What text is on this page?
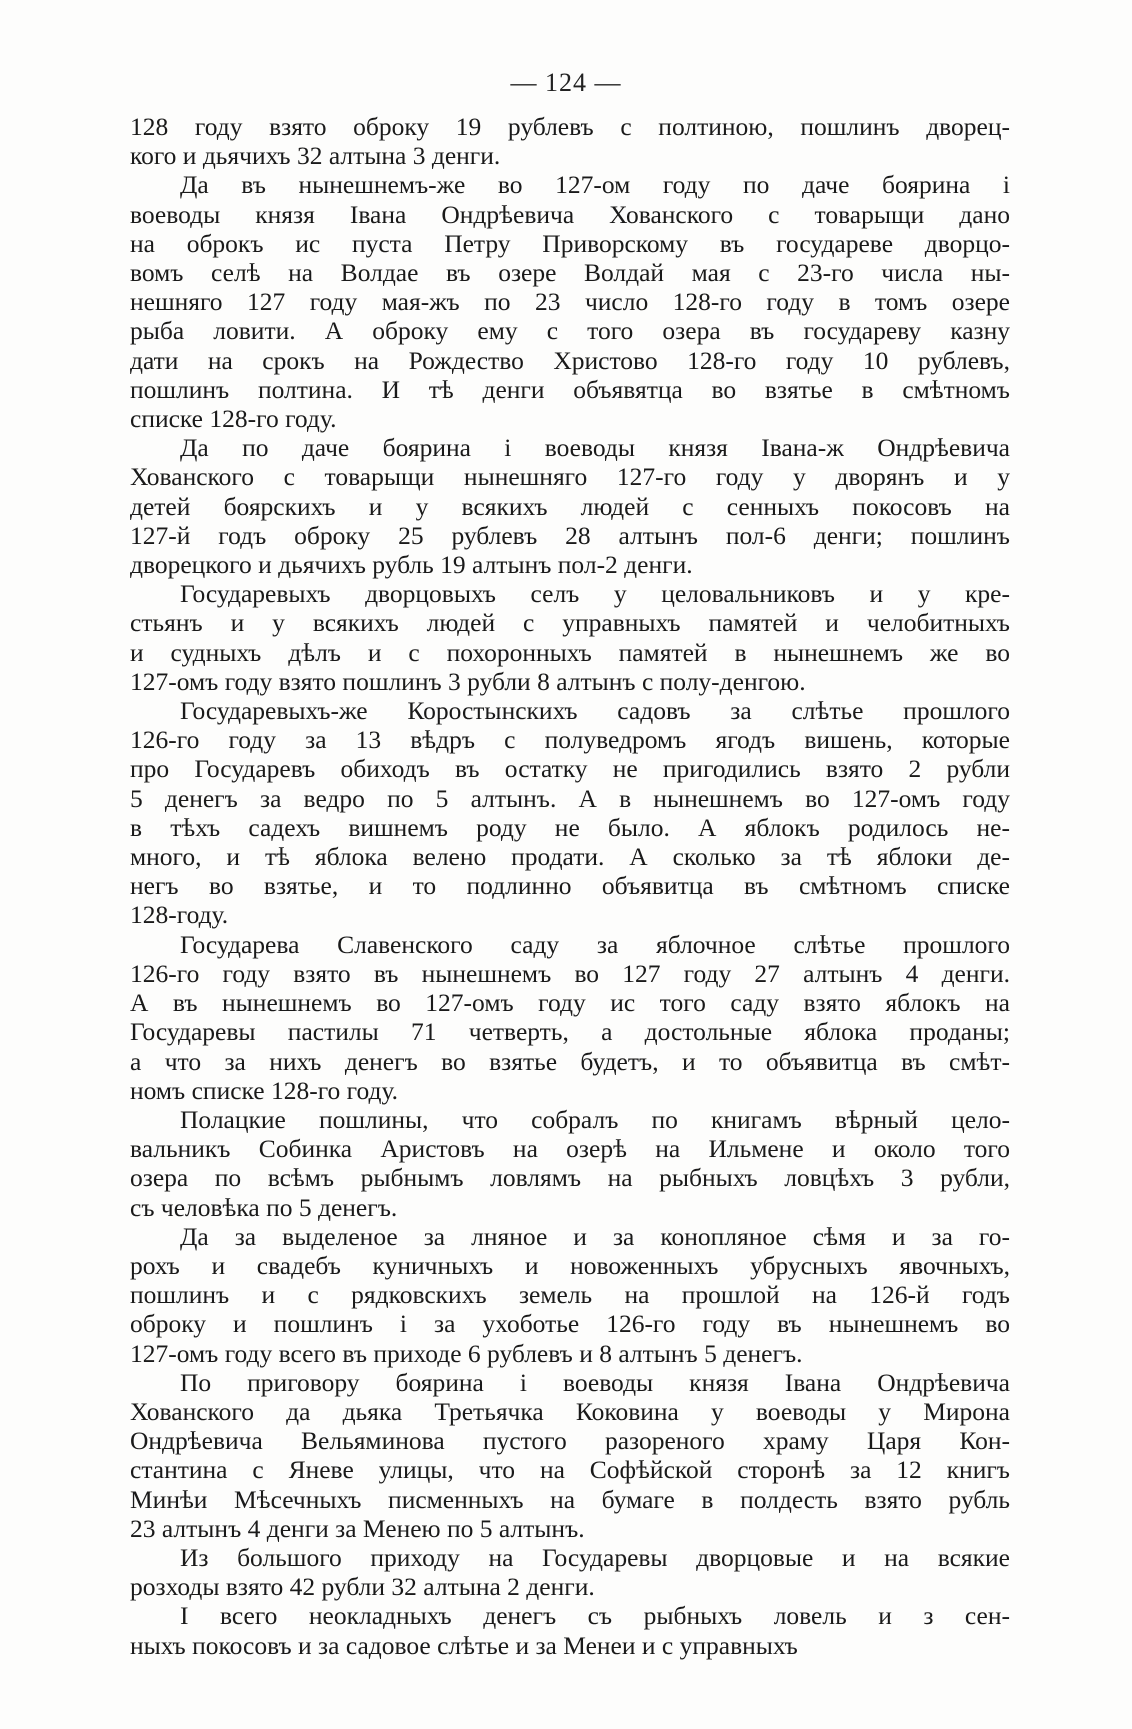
— 124 —
128 году взято оброку 19 рублевъ с полтиною, пошлинъ дворец-
кого и дьячихъ 32 алтына 3 денги.
Да въ нынешнемъ-же во 127-ом году по даче боярина і
воеводы князя Івана Ондрѣевича Хованского с товарыщи дано
на оброкъ ис пуста Петру Приворскому въ государеве дворцо-
вомъ селѣ на Волдае въ озере Волдай мая с 23-го числа ны-
нешняго 127 году мая-жъ по 23 число 128-го году в томъ озере
рыба ловити. А оброку ему с того озера въ государеву казну
дати на срокъ на Рождество Христово 128-го году 10 рублевъ,
пошлинъ полтина. И тѣ денги объявятца во взятье в смѣтномъ
списке 128-го году.
Да по даче боярина і воеводы князя Івана-ж Ондрѣевича
Хованского с товарыщи нынешняго 127-го году у дворянъ и у
детей боярскихъ и у всякихъ людей с сенныхъ покосовъ на
127-й годъ оброку 25 рублевъ 28 алтынъ пол-6 денги; пошлинъ
дворецкого и дьячихъ рубль 19 алтынъ пол-2 денги.
Государевыхъ дворцовыхъ селъ у целовальниковъ и у кре-
стьянъ и у всякихъ людей с управныхъ памятей и челобитныхъ
и судныхъ дѣлъ и с похоронныхъ памятей в нынешнемъ же во
127-омъ году взято пошлинъ 3 рубли 8 алтынъ с полу-денгою.
Государевыхъ-же Коростынскихъ садовъ за слѣтье прошлого
126-го году за 13 вѣдръ с полуведромъ ягодъ вишень, которые
про Государевъ обиходъ въ остатку не пригодились взято 2 рубли
5 денегъ за ведро по 5 алтынъ. А в нынешнемъ во 127-омъ году
в тѣхъ садехъ вишнемъ роду не было. А яблокъ родилось не-
много, и тѣ яблока велено продати. А сколько за тѣ яблоки де-
негъ во взятье, и то подлинно объявитца въ смѣтномъ списке
128-году.
Государева Славенского саду за яблочное слѣтье прошлого
126-го году взято въ нынешнемъ во 127 году 27 алтынъ 4 денги.
А въ нынешнемъ во 127-омъ году ис того саду взято яблокъ на
Государевы пастилы 71 четверть, а достольные яблока проданы;
а что за нихъ денегъ во взятье будетъ, и то объявитца въ смѣт-
номъ списке 128-го году.
Полацкие пошлины, что собралъ по книгамъ вѣрный цело-
вальникъ Собинка Аристовъ на озерѣ на Ильмене и около того
озера по всѣмъ рыбнымъ ловлямъ на рыбныхъ ловцѣхъ 3 рубли,
съ человѣка по 5 денегъ.
Да за выделеное за лняное и за конопляное сѣмя и за го-
рохъ и свадебъ куничныхъ и новоженныхъ убрусныхъ явочныхъ,
пошлинъ и с рядковскихъ земель на прошлой на 126-й годъ
оброку и пошлинъ і за ухоботье 126-го году въ нынешнемъ во
127-омъ году всего въ приходе 6 рублевъ и 8 алтынъ 5 денегъ.
По приговору боярина і воеводы князя Івана Ондрѣевича
Хованского да дьяка Третьячка Коковина у воеводы у Мирона
Ондрѣевича Вельяминова пустого разореного храму Царя Кон-
стантина с Яневе улицы, что на Софѣйской сторонѣ за 12 книгъ
Минѣи Мѣсечныхъ писменныхъ на бумаге в полдесть взято рубль
23 алтынъ 4 денги за Менею по 5 алтынъ.
Из большого приходу на Государевы дворцовые и на всякие
розходы взято 42 рубли 32 алтына 2 денги.
І всего неокладныхъ денегъ съ рыбныхъ ловель и з сен-
ныхъ покосовъ и за садовое слѣтье и за Менеи и с управныхъ
